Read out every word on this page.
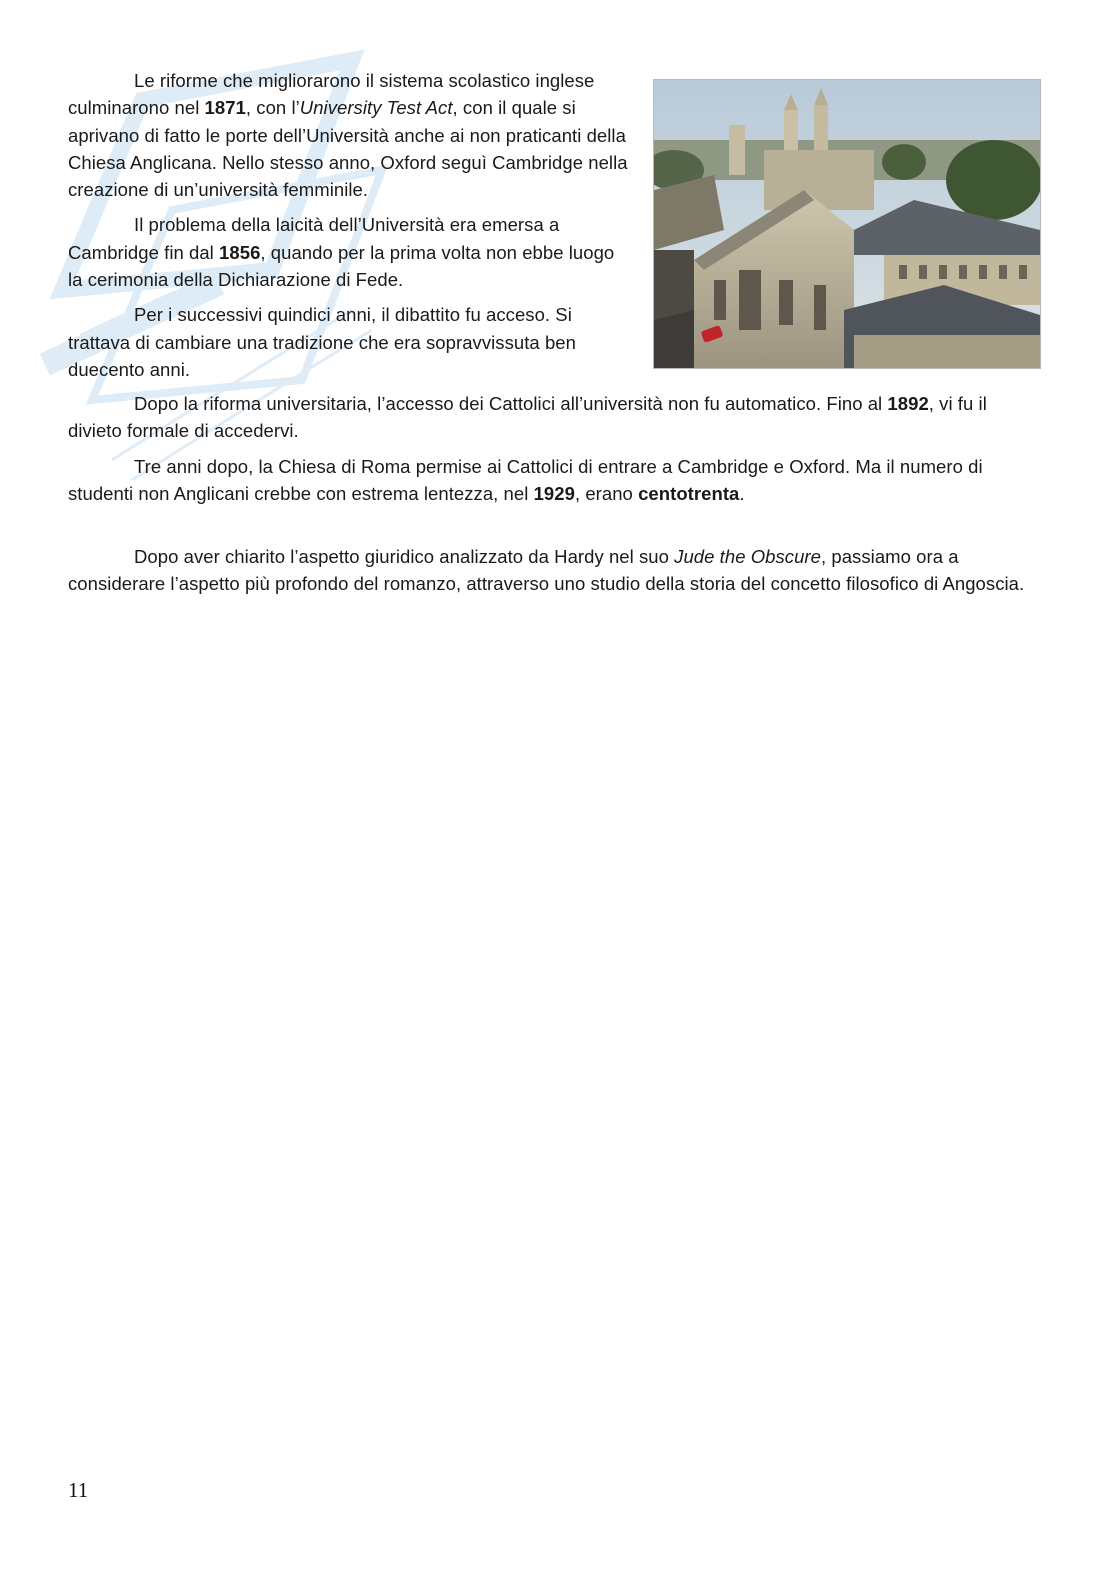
Le riforme che migliorarono il sistema scolastico inglese culminarono nel 1871, con l’University Test Act, con il quale si aprivano di fatto le porte dell’Università anche ai non praticanti della Chiesa Anglicana. Nello stesso anno, Oxford seguì Cambridge nella creazione di un’università femminile.

Il problema della laicità dell’Università era emersa a Cambridge fin dal 1856, quando per la prima volta non ebbe luogo la cerimonia della Dichiarazione di Fede.

Per i successivi quindici anni, il dibattito fu acceso. Si trattava di cambiare una tradizione che era sopravvissuta ben duecento anni.

Dopo la riforma universitaria, l’accesso dei Cattolici all’università non fu automatico. Fino al 1892, vi fu il divieto formale di accedervi.

Tre anni dopo, la Chiesa di Roma permise ai Cattolici di entrare a Cambridge e Oxford. Ma il numero di studenti non Anglicani crebbe con estrema lentezza, nel 1929, erano centotrenta.

Dopo aver chiarito l’aspetto giuridico analizzato da Hardy nel suo Jude the Obscure, passiamo ora a considerare l’aspetto più profondo del romanzo, attraverso uno studio della storia del concetto filosofico di Angoscia.

11
